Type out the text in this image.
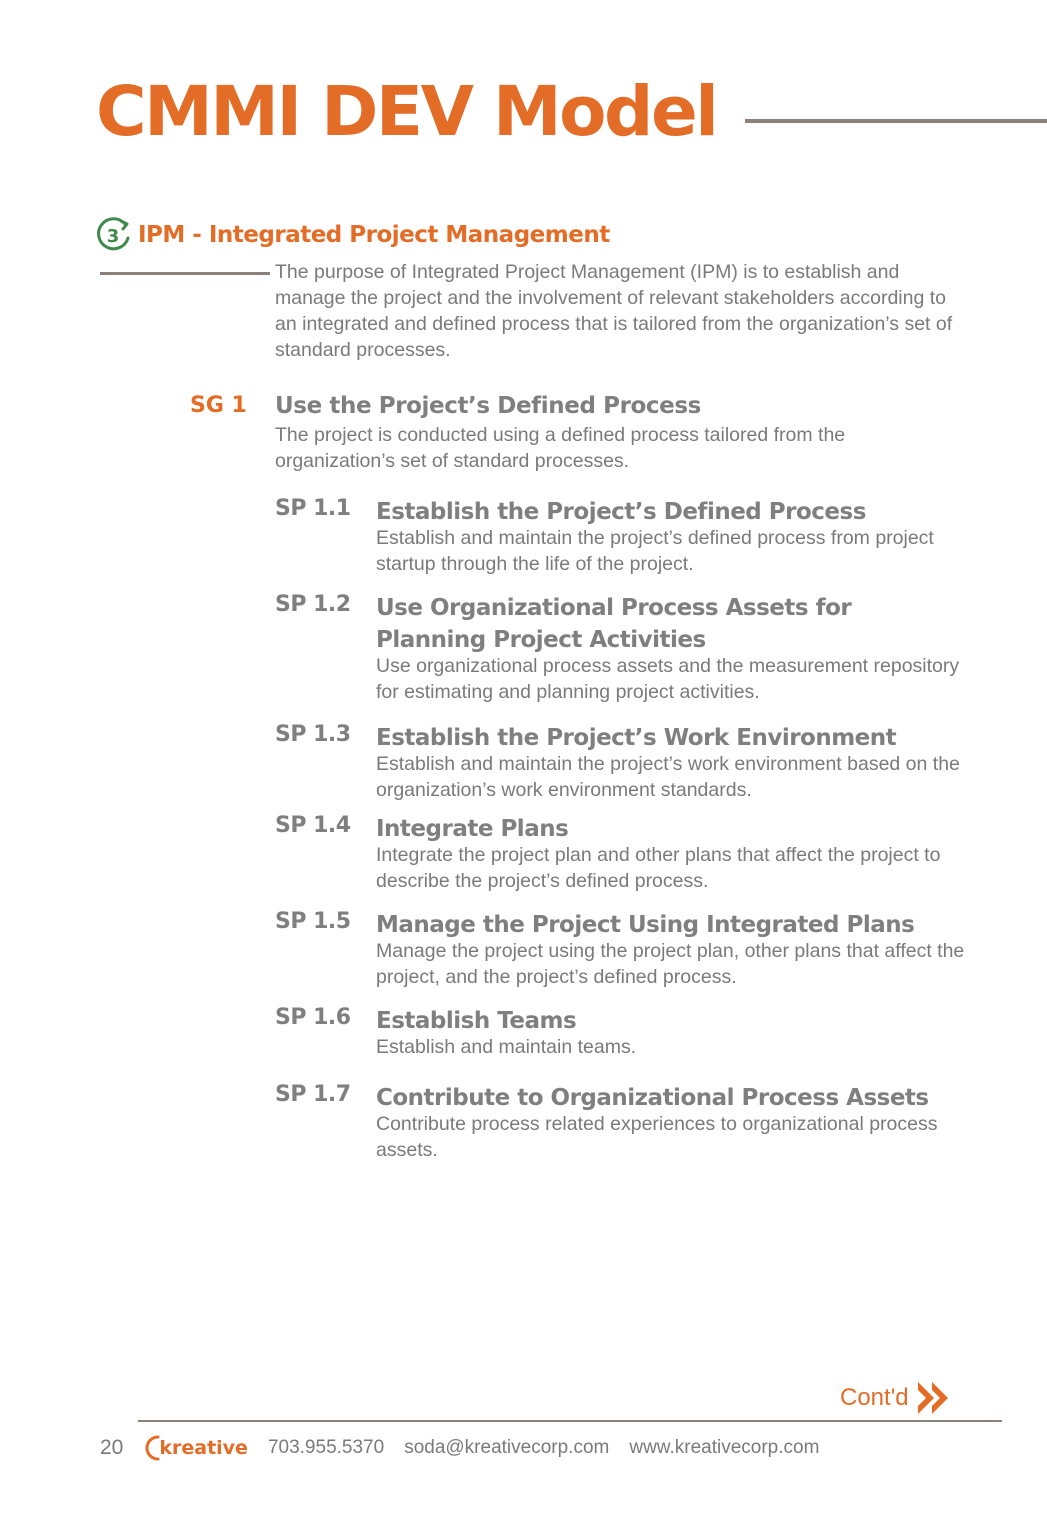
CMMI DEV Model
3 IPM - Integrated Project Management

The purpose of Integrated Project Management (IPM) is to establish and manage the project and the involvement of relevant stakeholders according to an integrated and defined process that is tailored from the organization’s set of standard processes.

SG 1 Use the Project’s Defined Process
The project is conducted using a defined process tailored from the organization’s set of standard processes.
SP 1.1 Establish the Project’s Defined Process
Establish and maintain the project’s defined process from project startup through the life of the project.
SP 1.2 Use Organizational Process Assets for Planning Project Activities
Use organizational process assets and the measurement repository for estimating and planning project activities.
SP 1.3 Establish the Project’s Work Environment
Establish and maintain the project’s work environment based on the organization’s work environment standards.
SP 1.4 Integrate Plans
Integrate the project plan and other plans that affect the project to describe the project’s defined process.
SP 1.5 Manage the Project Using Integrated Plans
Manage the project using the project plan, other plans that affect the project, and the project’s defined process.
SP 1.6 Establish Teams
Establish and maintain teams.
SP 1.7 Contribute to Organizational Process Assets
Contribute process related experiences to organizational process assets.
Cont'd
20 kreative 703.955.5370 soda@kreativecorp.com www.kreativecorp.com
